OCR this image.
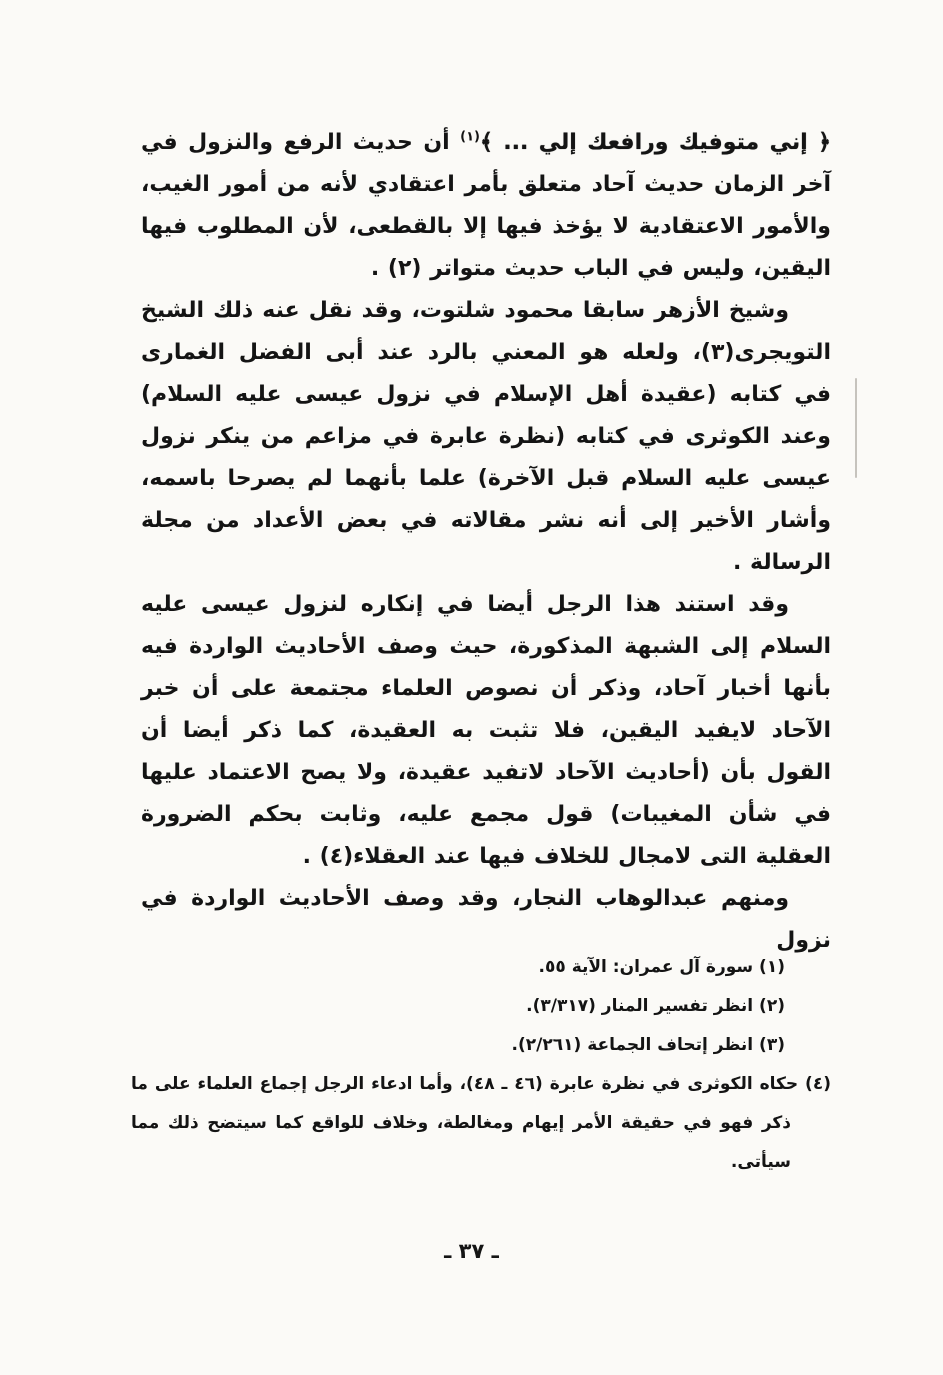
﴿ إني متوفيك ورافعك إلي ... ﴾$^{(١)}$ أن حديث الرفع والنزول في آخر الزمان حديث آحاد متعلق بأمر اعتقادي لأنه من أمور الغيب، والأمور الاعتقادية لا يؤخذ فيها إلا بالقطعى، لأن المطلوب فيها اليقين، وليس في الباب حديث متواتر (٢) .

وشيخ الأزهر سابقا محمود شلتوت، وقد نقل عنه ذلك الشيخ التويجرى(٣)، ولعله هو المعني بالرد عند أبى الفضل الغمارى في كتابه (عقيدة أهل الإسلام في نزول عيسى عليه السلام) وعند الكوثرى في كتابه (نظرة عابرة في مزاعم من ينكر نزول عيسى عليه السلام قبل الآخرة) علما بأنهما لم يصرحا باسمه، وأشار الأخير إلى أنه نشر مقالاته في بعض الأعداد من مجلة الرسالة .

وقد استند هذا الرجل أيضا في إنكاره لنزول عيسى عليه السلام إلى الشبهة المذكورة، حيث وصف الأحاديث الواردة فيه بأنها أخبار آحاد، وذكر أن نصوص العلماء مجتمعة على أن خبر الآحاد لايفيد اليقين، فلا تثبت به العقيدة، كما ذكر أيضا أن القول بأن (أحاديث الآحاد لاتفيد عقيدة، ولا يصح الاعتماد عليها في شأن المغيبات) قول مجمع عليه، وثابت بحكم الضرورة العقلية التى لامجال للخلاف فيها عند العقلاء(٤) .

ومنهم عبدالوهاب النجار، وقد وصف الأحاديث الواردة في نزول

(١) سورة آل عمران: الآية ٥٥.

(٢) انظر تفسير المنار (٣/٣١٧).

(٣) انظر إتحاف الجماعة (٢/٢٦١).

(٤) حكاه الكوثرى في نظرة عابرة (٤٦ ـ ٤٨)، وأما ادعاء الرجل إجماع العلماء على ما ذكر فهو في حقيقة الأمر إيهام ومغالطة، وخلاف للواقع كما سيتضح ذلك مما سيأتى.

ـ ٣٧ ـ
